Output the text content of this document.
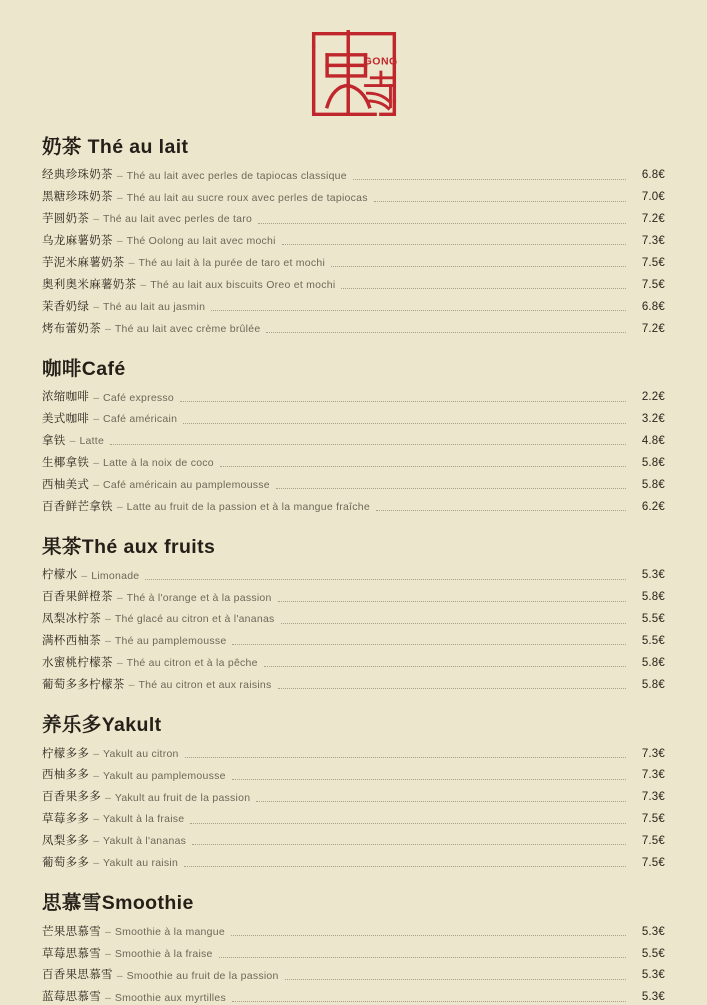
GONG
奶茶 Thé au lait
经典珍珠奶茶 – Thé au lait avec perles de tapiocas classique	6.8€
黑糖珍珠奶茶 – Thé au lait au sucre roux avec perles de tapiocas	7.0€
芋圆奶茶 – Thé au lait avec perles de taro	7.2€
乌龙麻薯奶茶 – Thé Oolong au lait avec mochi	7.3€
芋泥米麻薯奶茶 – Thé au lait à la purée de taro et mochi	7.5€
奥利奥米麻薯奶茶 – Thé au lait aux biscuits Oreo et mochi	7.5€
茉香奶绿 – Thé au lait au jasmin	6.8€
烤布蕾奶茶 – Thé au lait avec crème brûlée	7.2€
咖啡Café
浓缩咖啡 – Café expresso	2.2€
美式咖啡 – Café américain	3.2€
拿铁 – Latte	4.8€
生椰拿铁 – Latte à la noix de coco	5.8€
西柚美式 – Café américain au pamplemousse	5.8€
百香鲜芒拿铁 – Latte au fruit de la passion et à la mangue fraîche	6.2€
果茶Thé aux fruits
柠檬水 – Limonade	5.3€
百香果鲜橙茶 – Thé à l'orange et à la passion	5.8€
凤梨冰柠茶 – Thé glacé au citron et à l'ananas	5.5€
满杯西柚茶 – Thé au pamplemousse	5.5€
水蜜桃柠檬茶 – Thé au citron et à la pêche	5.8€
葡萄多多柠檬茶 – Thé au citron et aux raisins	5.8€
养乐多Yakult
柠檬多多 – Yakult au citron	7.3€
西柚多多 – Yakult au pamplemousse	7.3€
百香果多多 – Yakult au fruit de la passion	7.3€
草莓多多 – Yakult à la fraise	7.5€
凤梨多多 – Yakult à l'ananas	7.5€
葡萄多多 – Yakult au raisin	7.5€
思慕雪Smoothie
芒果思慕雪 – Smoothie à la mangue	5.3€
草莓思慕雪 – Smoothie à la fraise	5.5€
百香果思慕雪 – Smoothie au fruit de la passion	5.3€
蓝莓思慕雪 – Smoothie aux myrtilles	5.3€
